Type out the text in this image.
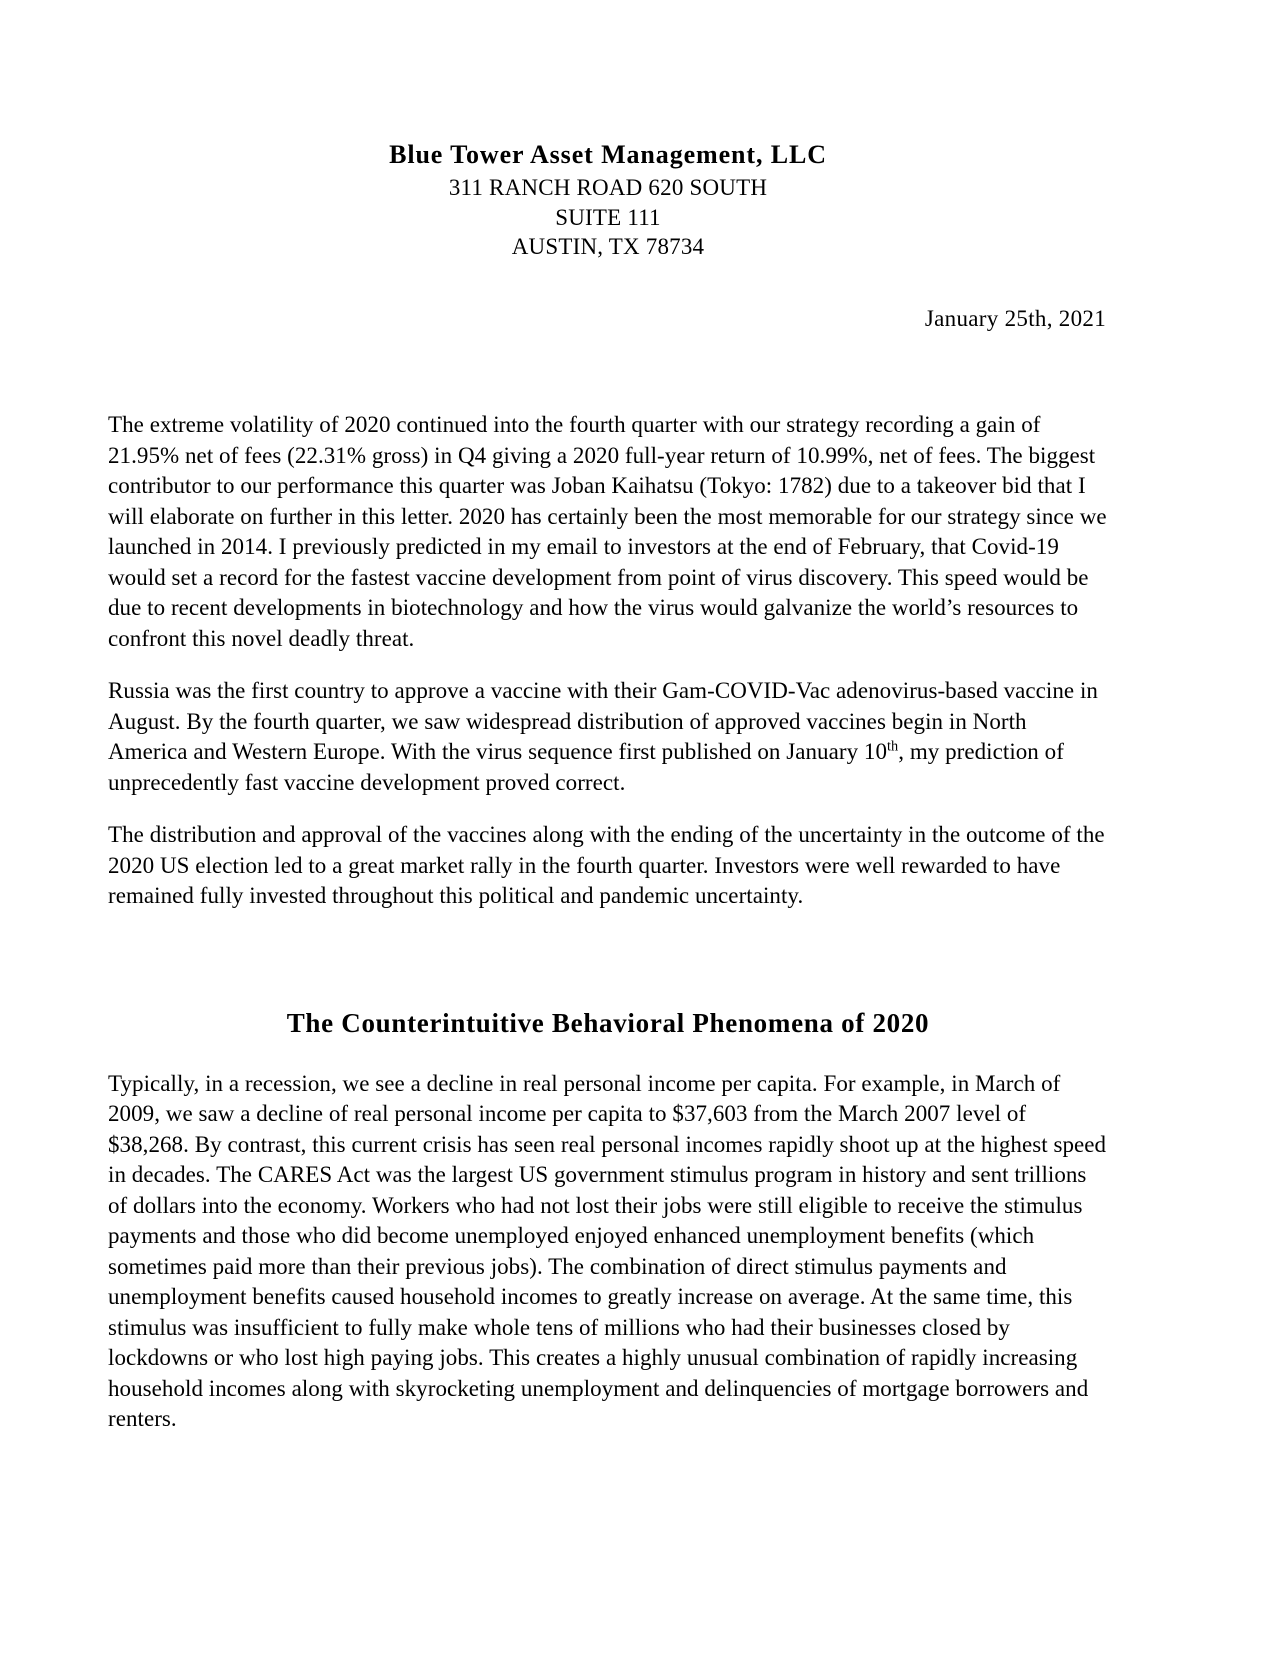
Blue Tower Asset Management, LLC
311 RANCH ROAD 620 SOUTH
SUITE 111
AUSTIN, TX 78734
January 25th, 2021

The extreme volatility of 2020 continued into the fourth quarter with our strategy recording a gain of 21.95% net of fees (22.31% gross) in Q4 giving a 2020 full-year return of 10.99%, net of fees. The biggest contributor to our performance this quarter was Joban Kaihatsu (Tokyo: 1782) due to a takeover bid that I will elaborate on further in this letter. 2020 has certainly been the most memorable for our strategy since we launched in 2014. I previously predicted in my email to investors at the end of February, that Covid-19 would set a record for the fastest vaccine development from point of virus discovery. This speed would be due to recent developments in biotechnology and how the virus would galvanize the world’s resources to confront this novel deadly threat.

Russia was the first country to approve a vaccine with their Gam-COVID-Vac adenovirus-based vaccine in August. By the fourth quarter, we saw widespread distribution of approved vaccines begin in North America and Western Europe. With the virus sequence first published on January 10th, my prediction of unprecedently fast vaccine development proved correct.

The distribution and approval of the vaccines along with the ending of the uncertainty in the outcome of the 2020 US election led to a great market rally in the fourth quarter. Investors were well rewarded to have remained fully invested throughout this political and pandemic uncertainty.

The Counterintuitive Behavioral Phenomena of 2020

Typically, in a recession, we see a decline in real personal income per capita. For example, in March of 2009, we saw a decline of real personal income per capita to $37,603 from the March 2007 level of $38,268. By contrast, this current crisis has seen real personal incomes rapidly shoot up at the highest speed in decades. The CARES Act was the largest US government stimulus program in history and sent trillions of dollars into the economy. Workers who had not lost their jobs were still eligible to receive the stimulus payments and those who did become unemployed enjoyed enhanced unemployment benefits (which sometimes paid more than their previous jobs). The combination of direct stimulus payments and unemployment benefits caused household incomes to greatly increase on average. At the same time, this stimulus was insufficient to fully make whole tens of millions who had their businesses closed by lockdowns or who lost high paying jobs. This creates a highly unusual combination of rapidly increasing household incomes along with skyrocketing unemployment and delinquencies of mortgage borrowers and renters.
